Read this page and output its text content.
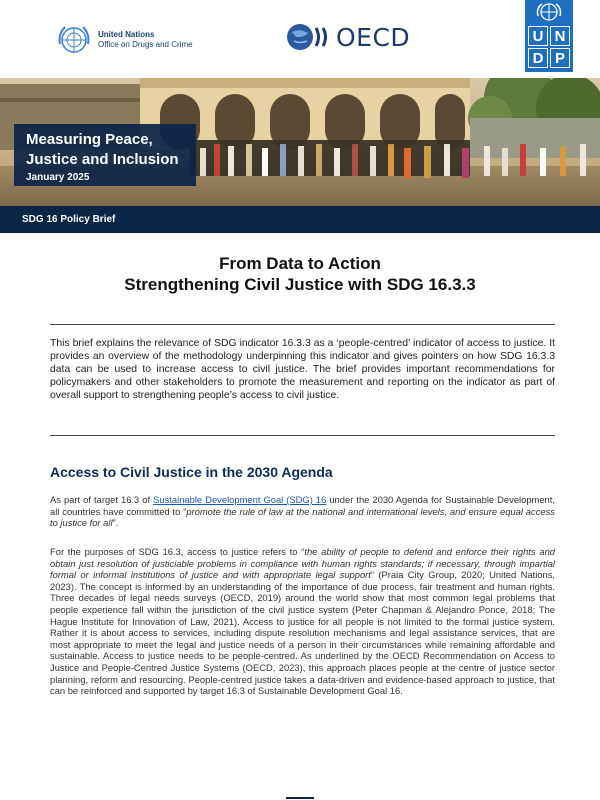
United Nations
Office on Drugs and Crime	OECD	U N
D P
Measuring Peace,
Justice and Inclusion
January 2025
SDG 16 Policy Brief
From Data to Action
Strengthening Civil Justice with SDG 16.3.3

This brief explains the relevance of SDG indicator 16.3.3 as a ‘people-centred’ indicator of access to justice. It provides an overview of the methodology underpinning this indicator and gives pointers on how SDG 16.3.3 data can be used to increase access to civil justice. The brief provides important recommendations for policymakers and other stakeholders to promote the measurement and reporting on the indicator as part of overall support to strengthening people’s access to civil justice.

Access to Civil Justice in the 2030 Agenda

As part of target 16.3 of Sustainable Development Goal (SDG) 16 under the 2030 Agenda for Sustainable Development, all countries have committed to “promote the rule of law at the national and international levels, and ensure equal access to justice for all”.

For the purposes of SDG 16.3, access to justice refers to “the ability of people to defend and enforce their rights and obtain just resolution of justiciable problems in compliance with human rights standards; if necessary, through impartial formal or informal institutions of justice and with appropriate legal support” (Praia City Group, 2020; United Nations, 2023). The concept is informed by an understanding of the importance of due process, fair treatment and human rights. Three decades of legal needs surveys (OECD, 2019) around the world show that most common legal problems that people experience fall within the jurisdiction of the civil justice system (Peter Chapman & Alejandro Ponce, 2018; The Hague Institute for Innovation of Law, 2021). Access to justice for all people is not limited to the formal justice system. Rather it is about access to services, including dispute resolution mechanisms and legal assistance services, that are most appropriate to meet the legal and justice needs of a person in their circumstances while remaining affordable and sustainable. Access to justice needs to be people-centred. As underlined by the OECD Recommendation on Access to Justice and People-Centred Justice Systems (OECD, 2023), this approach places people at the centre of justice sector planning, reform and resourcing. People-centred justice takes a data-driven and evidence-based approach to justice, that can be reinforced and supported by target 16.3 of Sustainable Development Goal 16.
